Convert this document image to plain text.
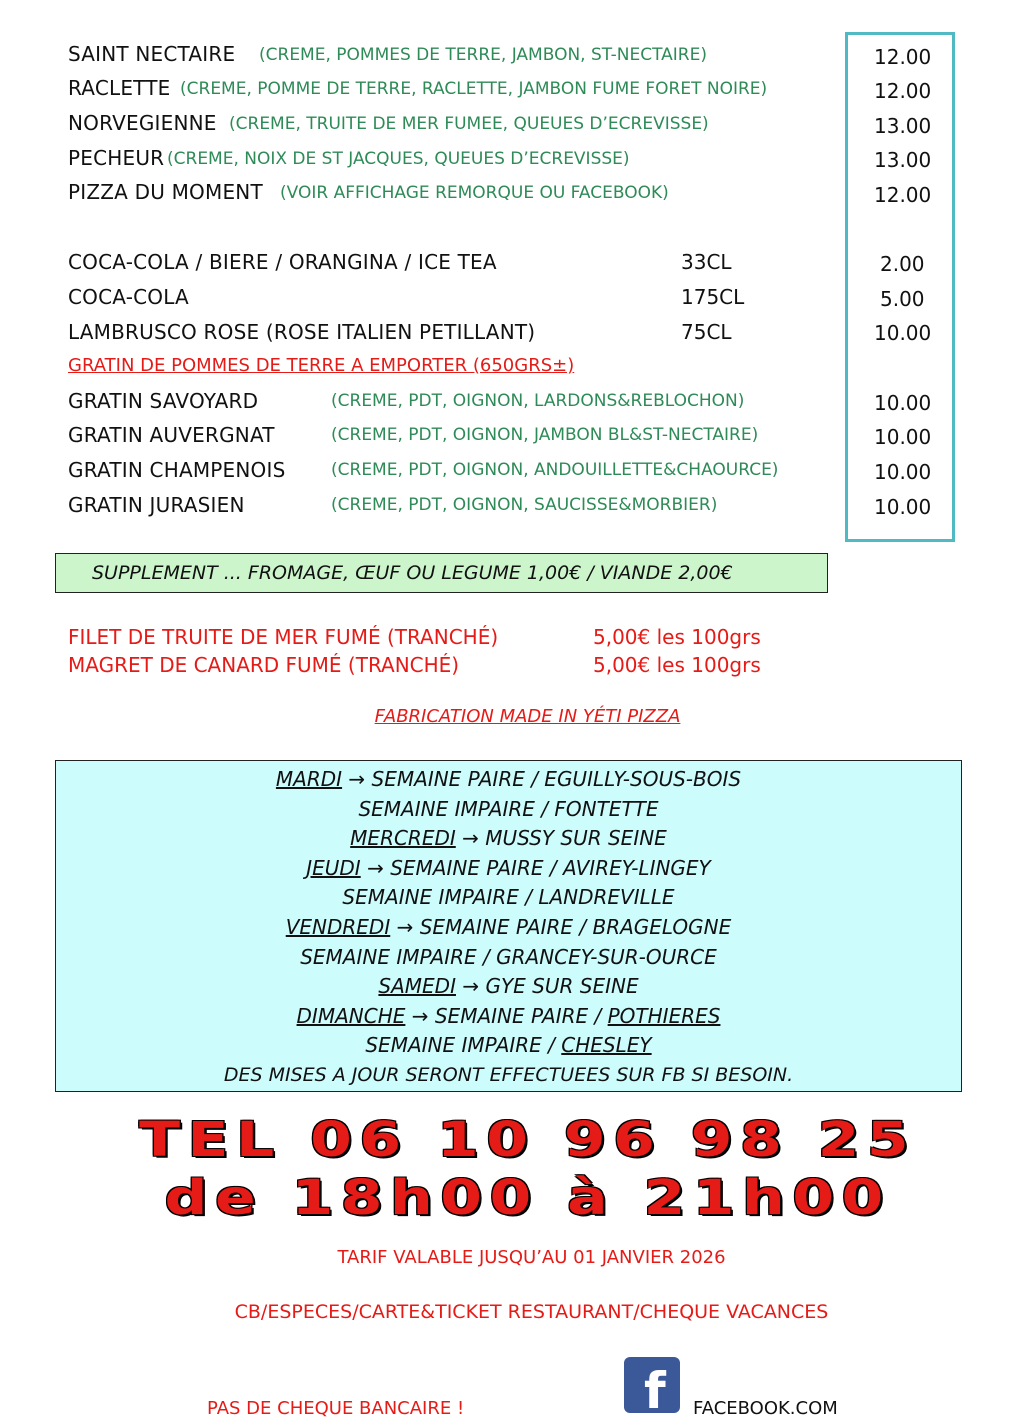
SAINT NECTAIRE (CREME, POMMES DE TERRE, JAMBON, ST-NECTAIRE)	12.00
RACLETTE (CREME, POMME DE TERRE, RACLETTE, JAMBON FUME FORET NOIRE)	12.00
NORVEGIENNE (CREME, TRUITE DE MER FUMEE, QUEUES D’ECREVISSE)	13.00
PECHEUR (CREME, NOIX DE ST JACQUES, QUEUES D’ECREVISSE)	13.00
PIZZA DU MOMENT (VOIR AFFICHAGE REMORQUE OU FACEBOOK)	12.00
COCA-COLA / BIERE / ORANGINA / ICE TEA	33CL	2.00
COCA-COLA	175CL	5.00
LAMBRUSCO ROSE (ROSE ITALIEN PETILLANT)	75CL	10.00
GRATIN DE POMMES DE TERRE A EMPORTER (650GRS±)
GRATIN SAVOYARD	(CREME, PDT, OIGNON, LARDONS&REBLOCHON)	10.00
GRATIN AUVERGNAT	(CREME, PDT, OIGNON, JAMBON BL&ST-NECTAIRE)	10.00
GRATIN CHAMPENOIS	(CREME, PDT, OIGNON, ANDOUILLETTE&CHAOURCE)	10.00
GRATIN JURASIEN	(CREME, PDT, OIGNON, SAUCISSE&MORBIER)	10.00
SUPPLEMENT ... FROMAGE, ŒUF OU LEGUME 1,00€ / VIANDE 2,00€
FILET DE TRUITE DE MER FUMÉ (TRANCHÉ)	5,00€ les 100grs
MAGRET DE CANARD FUMÉ (TRANCHÉ)	5,00€ les 100grs
FABRICATION MADE IN YÉTI PIZZA
MARDI → SEMAINE PAIRE / EGUILLY-SOUS-BOIS
SEMAINE IMPAIRE / FONTETTE
MERCREDI → MUSSY SUR SEINE
JEUDI → SEMAINE PAIRE / AVIREY-LINGEY
SEMAINE IMPAIRE / LANDREVILLE
VENDREDI → SEMAINE PAIRE / BRAGELOGNE
SEMAINE IMPAIRE / GRANCEY-SUR-OURCE
SAMEDI → GYE SUR SEINE
DIMANCHE → SEMAINE PAIRE / POTHIERES
SEMAINE IMPAIRE / CHESLEY
DES MISES A JOUR SERONT EFFECTUEES SUR FB SI BESOIN.
TEL 06 10 96 98 25
de 18h00 à 21h00
TARIF VALABLE JUSQU’AU 01 JANVIER 2026
CB/ESPECES/CARTE&TICKET RESTAURANT/CHEQUE VACANCES
PAS DE CHEQUE BANCAIRE !	f FACEBOOK.COM
